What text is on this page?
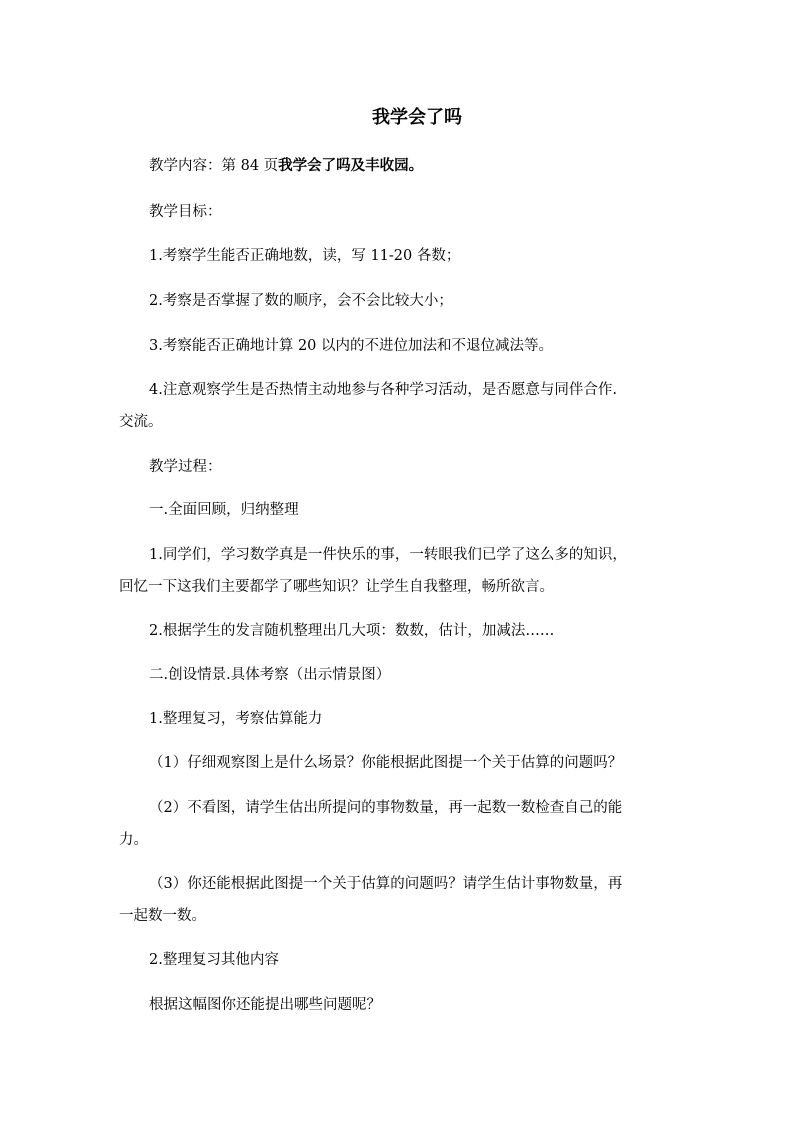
我学会了吗

教学内容：第 84 页我学会了吗及丰收园。

教学目标：

1.考察学生能否正确地数，读，写 11-20 各数；

2.考察是否掌握了数的顺序，会不会比较大小；

3.考察能否正确地计算 20 以内的不进位加法和不退位减法等。

4.注意观察学生是否热情主动地参与各种学习活动，是否愿意与同伴合作.

交流。

教学过程：

一.全面回顾，归纳整理

1.同学们，学习数学真是一件快乐的事，一转眼我们已学了这么多的知识，

回忆一下这我们主要都学了哪些知识？让学生自我整理，畅所欲言。

2.根据学生的发言随机整理出几大项：数数，估计，加减法……

二.创设情景.具体考察（出示情景图）

1.整理复习，考察估算能力

（1）仔细观察图上是什么场景？你能根据此图提一个关于估算的问题吗？

（2）不看图，请学生估出所提问的事物数量，再一起数一数检查自己的能

力。

（3）你还能根据此图提一个关于估算的问题吗？请学生估计事物数量，再

一起数一数。

2.整理复习其他内容

根据这幅图你还能提出哪些问题呢？
